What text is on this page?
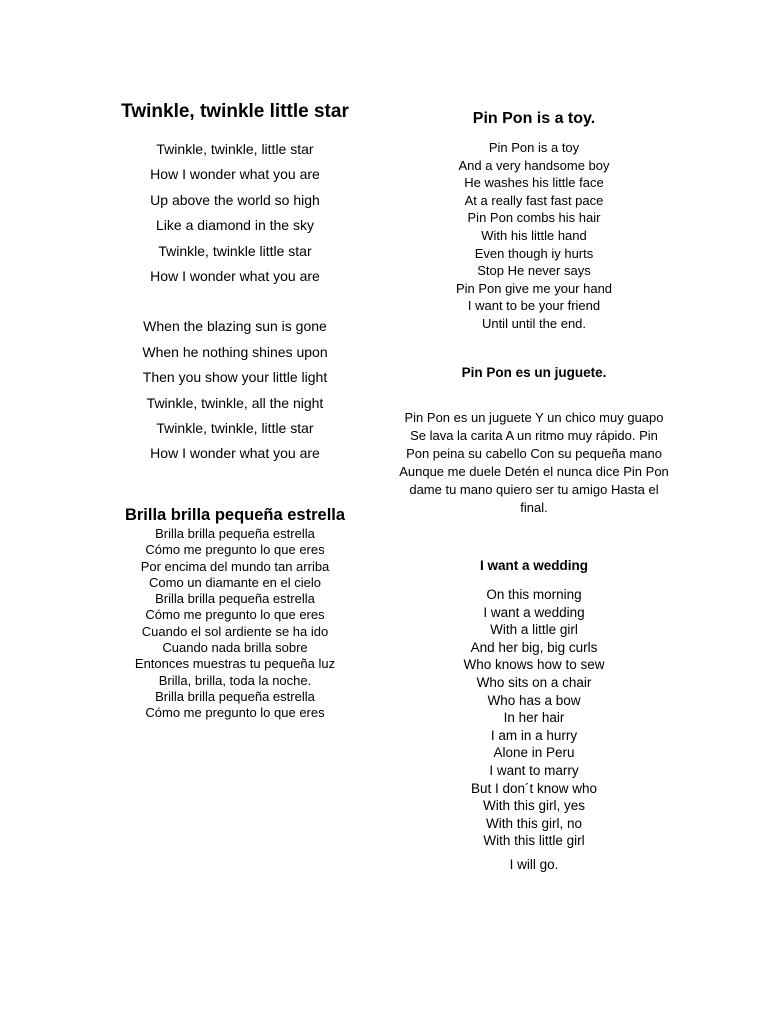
Twinkle, twinkle little star
Twinkle, twinkle, little star
How I wonder what you are
Up above the world so high
Like a diamond in the sky
Twinkle, twinkle little star
How I wonder what you are
When the blazing sun is gone
When he nothing shines upon
Then you show your little light
Twinkle, twinkle, all the night
Twinkle, twinkle, little star
How I wonder what you are
Brilla brilla pequeña estrella
Brilla brilla pequeña estrella
Cómo me pregunto lo que eres
Por encima del mundo tan arriba
Como un diamante en el cielo
Brilla brilla pequeña estrella
Cómo me pregunto lo que eres
Cuando el sol ardiente se ha ido
Cuando nada brilla sobre
Entonces muestras tu pequeña luz
Brilla, brilla, toda la noche.
Brilla brilla pequeña estrella
Cómo me pregunto lo que eres
Pin Pon is a toy.
Pin Pon is a toy
And a very handsome boy
He washes his little face
At a really fast fast pace
Pin Pon combs his hair
With his little hand
Even though iy hurts
Stop He never says
Pin Pon give me your hand
I want to be your friend
Until until the end.
Pin Pon es un juguete.

Pin Pon es un juguete Y un chico muy guapo Se lava la carita A un ritmo muy rápido. Pin Pon peina su cabello Con su pequeña mano Aunque me duele Detén el nunca dice Pin Pon dame tu mano quiero ser tu amigo Hasta el final.

I want a wedding
On this morning
I want a wedding
With a little girl
And her big, big curls
Who knows how to sew
Who sits on a chair
Who has a bow
In her hair
I am in a hurry
Alone in Peru
I want to marry
But I don´t know who
With this girl, yes
With this girl, no
With this little girl
I will go.
